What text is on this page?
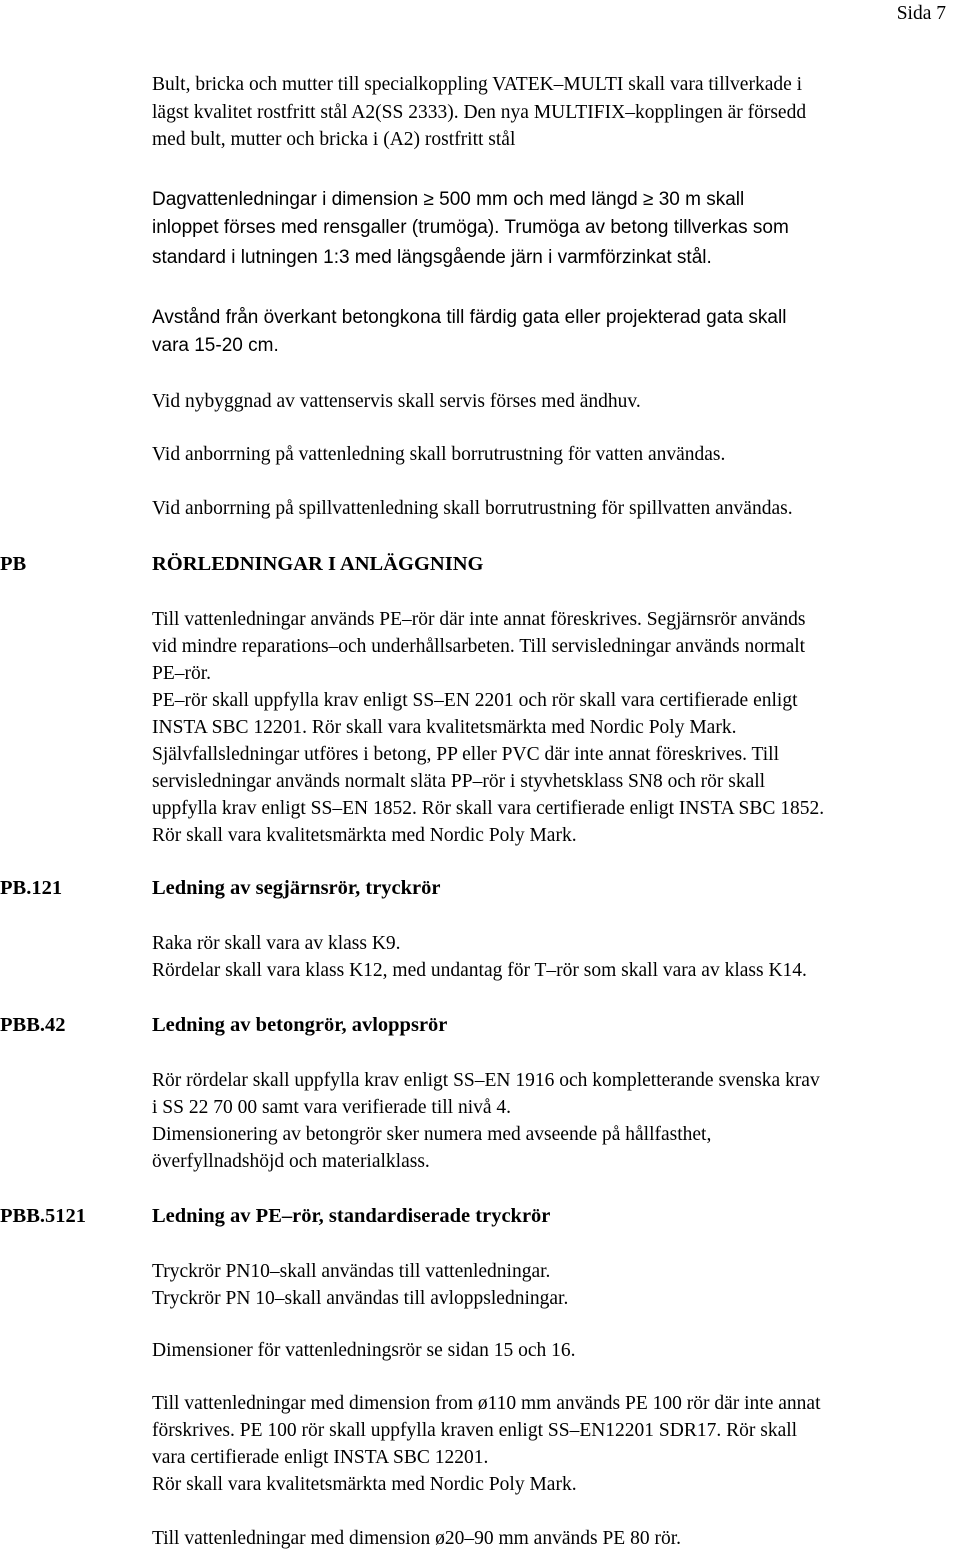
Sida 7
Bult, bricka och mutter till specialkoppling VATEK–MULTI skall vara tillverkade i
lägst kvalitet rostfritt stål A2(SS 2333). Den nya MULTIFIX–kopplingen är försedd
med bult, mutter och bricka i (A2) rostfritt stål
Dagvattenledningar i dimension ≥ 500 mm och med längd ≥ 30 m skall
inloppet förses med rensgaller (trumöga). Trumöga av betong tillverkas som
standard i lutningen 1:3 med längsgående järn i varmförzinkat stål.
Avstånd från överkant betongkona till färdig gata eller projekterad gata skall
vara 15-20 cm.
Vid nybyggnad av vattenservis skall servis förses med ändhuv.
Vid anborrning på vattenledning skall borrutrustning för vatten användas.
Vid anborrning på spillvattenledning skall borrutrustning för spillvatten användas.
PB	RÖRLEDNINGAR I ANLÄGGNING
Till vattenledningar används PE–rör där inte annat föreskrives. Segjärnsrör används
vid mindre reparations–och underhållsarbeten. Till servisledningar används normalt
PE–rör.
PE–rör skall uppfylla krav enligt SS–EN 2201 och rör skall vara certifierade enligt
INSTA SBC 12201. Rör skall vara kvalitetsmärkta med Nordic Poly Mark.
Självfallsledningar utföres i betong, PP eller PVC där inte annat föreskrives. Till
servisledningar används normalt släta PP–rör i styvhetsklass SN8 och rör skall
uppfylla krav enligt SS–EN 1852. Rör skall vara certifierade enligt INSTA SBC 1852.
Rör skall vara kvalitetsmärkta med Nordic Poly Mark.
PB.121	Ledning av segjärnsrör, tryckrör
Raka rör skall vara av klass K9.
Rördelar skall vara klass K12, med undantag för T–rör som skall vara av klass K14.
PBB.42	Ledning av betongrör, avloppsrör
Rör rördelar skall uppfylla krav enligt SS–EN 1916 och kompletterande svenska krav
i SS 22 70 00 samt vara verifierade till nivå 4.
Dimensionering av betongrör sker numera med avseende på hållfasthet,
överfyllnadshöjd och materialklass.
PBB.5121	Ledning av PE–rör, standardiserade tryckrör
Tryckrör PN10–skall användas till vattenledningar.
Tryckrör PN 10–skall användas till avloppsledningar.
Dimensioner för vattenledningsrör se sidan 15 och 16.
Till vattenledningar med dimension from ø110 mm används PE 100 rör där inte annat
förskrives. PE 100 rör skall uppfylla kraven enligt SS–EN12201 SDR17. Rör skall
vara certifierade enligt INSTA SBC 12201.
Rör skall vara kvalitetsmärkta med Nordic Poly Mark.
Till vattenledningar med dimension ø20–90 mm används PE 80 rör.
